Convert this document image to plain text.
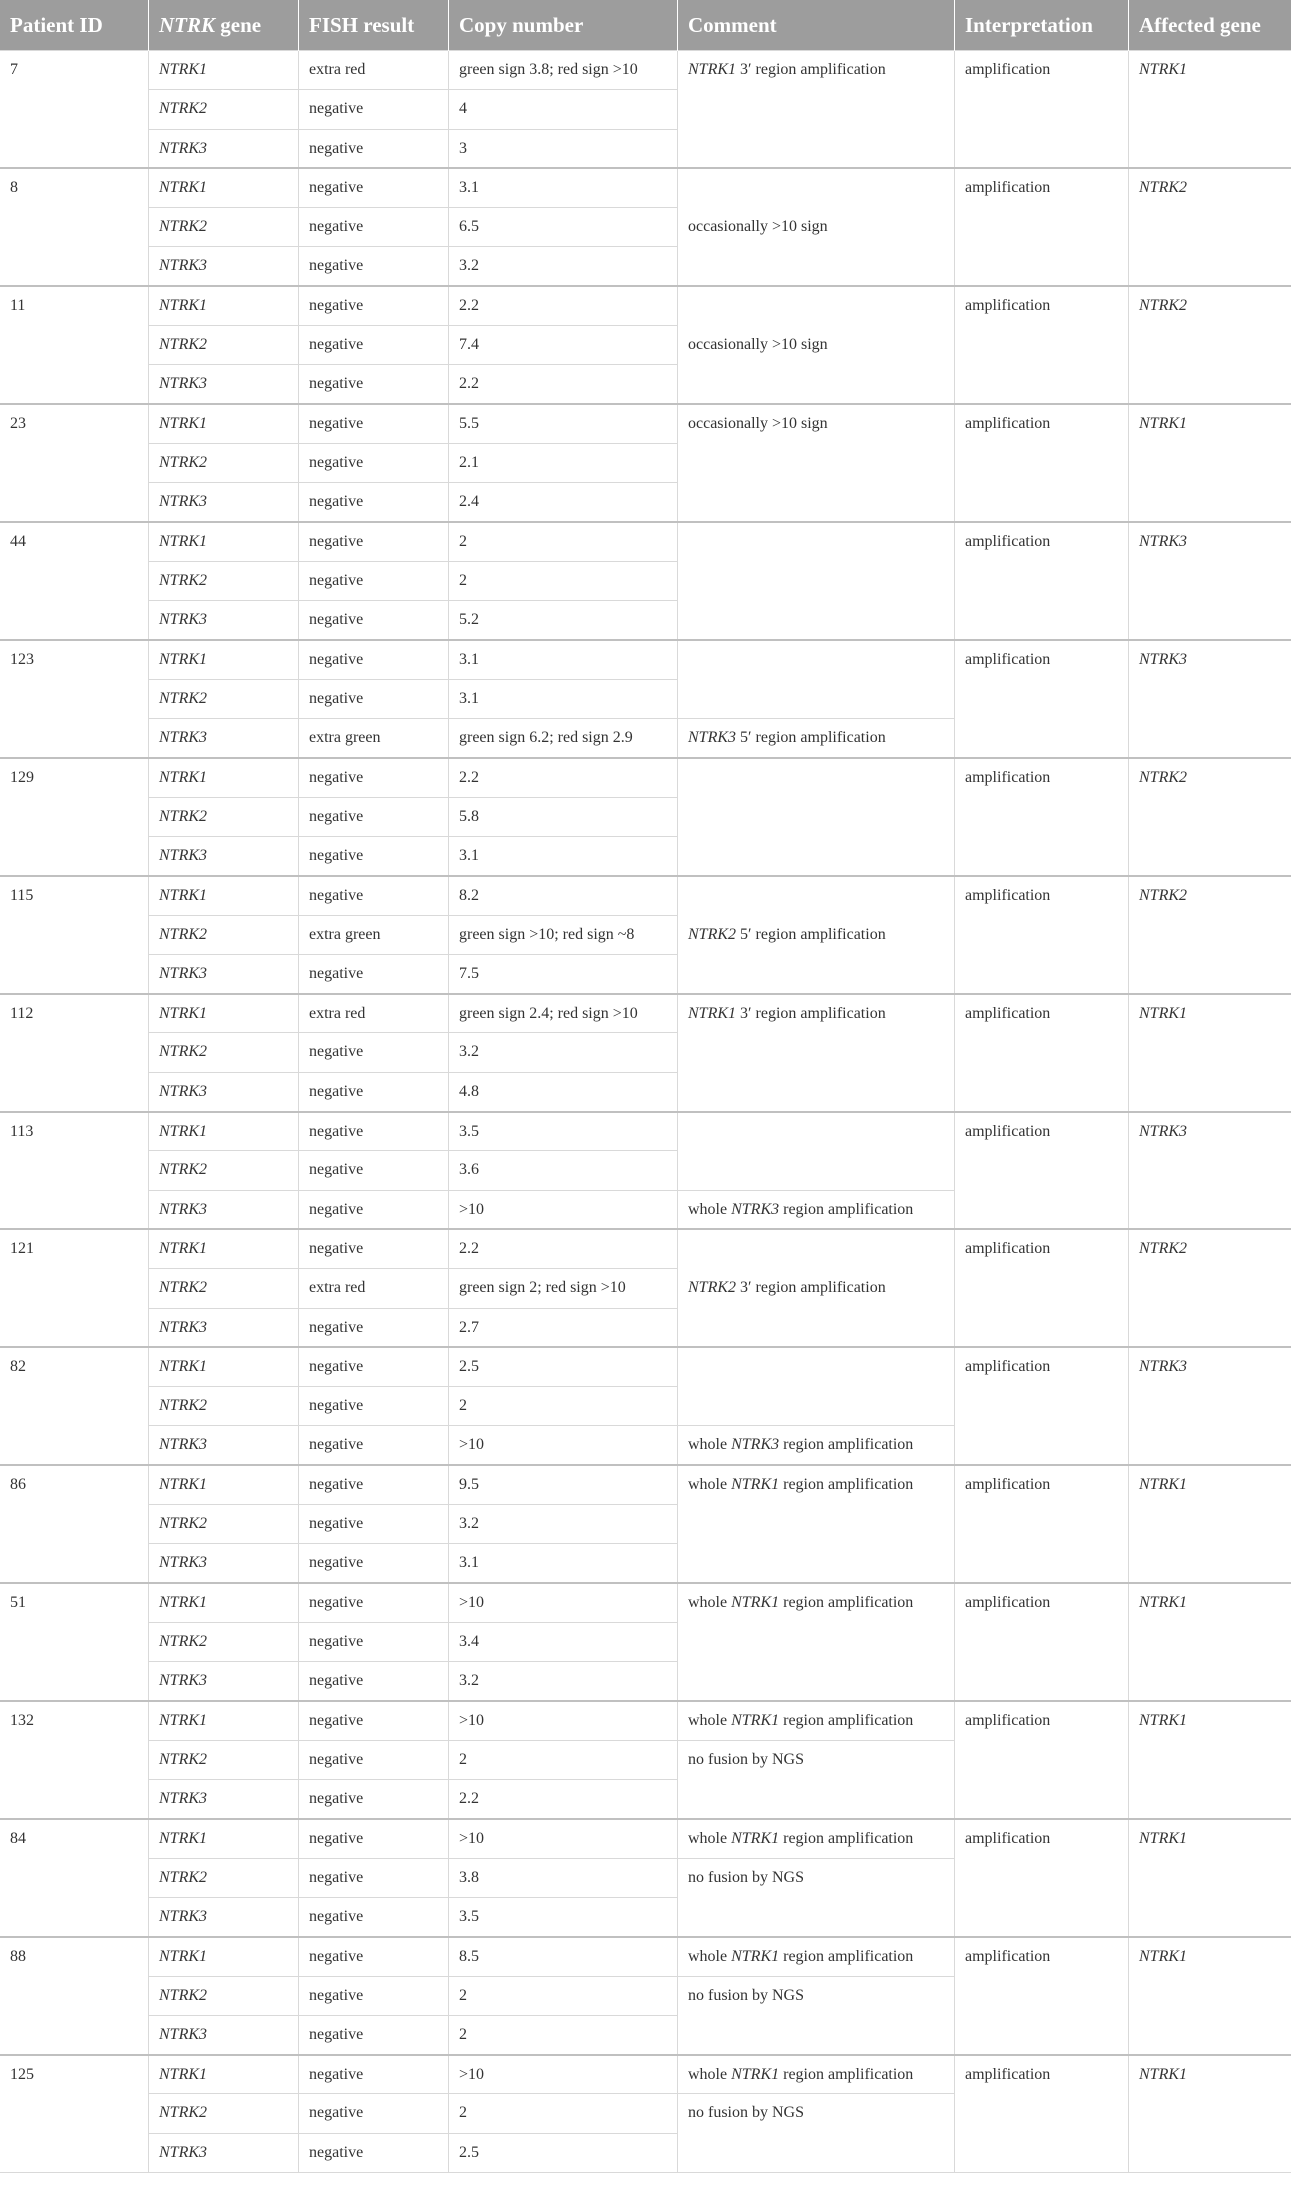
Patient ID	NTRK gene	FISH result	Copy number	Comment	Interpretation	Affected gene
7	NTRK1	extra red	green sign 3.8; red sign >10	NTRK1 3′ region amplification	amplification	NTRK1
	NTRK2	negative	4			
	NTRK3	negative	3			
8	NTRK1	negative	3.1	occasionally >10 sign	amplification	NTRK2
	NTRK2	negative	6.5			
	NTRK3	negative	3.2			
11	NTRK1	negative	2.2	occasionally >10 sign	amplification	NTRK2
	NTRK2	negative	7.4			
	NTRK3	negative	2.2			
23	NTRK1	negative	5.5	occasionally >10 sign	amplification	NTRK1
	NTRK2	negative	2.1			
	NTRK3	negative	2.4			
44	NTRK1	negative	2		amplification	NTRK3
	NTRK2	negative	2			
	NTRK3	negative	5.2			
123	NTRK1	negative	3.1		amplification	NTRK3
	NTRK2	negative	3.1			
	NTRK3	extra green	green sign 6.2; red sign 2.9	NTRK3 5′ region amplification		
129	NTRK1	negative	2.2		amplification	NTRK2
	NTRK2	negative	5.8			
	NTRK3	negative	3.1			
115	NTRK1	negative	8.2	NTRK2 5′ region amplification	amplification	NTRK2
	NTRK2	extra green	green sign >10; red sign ~8			
	NTRK3	negative	7.5			
112	NTRK1	extra red	green sign 2.4; red sign >10	NTRK1 3′ region amplification	amplification	NTRK1
	NTRK2	negative	3.2			
	NTRK3	negative	4.8			
113	NTRK1	negative	3.5		amplification	NTRK3
	NTRK2	negative	3.6			
	NTRK3	negative	>10	whole NTRK3 region amplification		
121	NTRK1	negative	2.2	NTRK2 3′ region amplification	amplification	NTRK2
	NTRK2	extra red	green sign 2; red sign >10			
	NTRK3	negative	2.7			
82	NTRK1	negative	2.5		amplification	NTRK3
	NTRK2	negative	2			
	NTRK3	negative	>10	whole NTRK3 region amplification		
86	NTRK1	negative	9.5	whole NTRK1 region amplification	amplification	NTRK1
	NTRK2	negative	3.2			
	NTRK3	negative	3.1			
51	NTRK1	negative	>10	whole NTRK1 region amplification	amplification	NTRK1
	NTRK2	negative	3.4			
	NTRK3	negative	3.2			
132	NTRK1	negative	>10	whole NTRK1 region amplification	amplification	NTRK1
	NTRK2	negative	2	no fusion by NGS		
	NTRK3	negative	2.2			
84	NTRK1	negative	>10	whole NTRK1 region amplification	amplification	NTRK1
	NTRK2	negative	3.8	no fusion by NGS		
	NTRK3	negative	3.5			
88	NTRK1	negative	8.5	whole NTRK1 region amplification	amplification	NTRK1
	NTRK2	negative	2	no fusion by NGS		
	NTRK3	negative	2			
125	NTRK1	negative	>10	whole NTRK1 region amplification	amplification	NTRK1
	NTRK2	negative	2	no fusion by NGS		
	NTRK3	negative	2.5			
